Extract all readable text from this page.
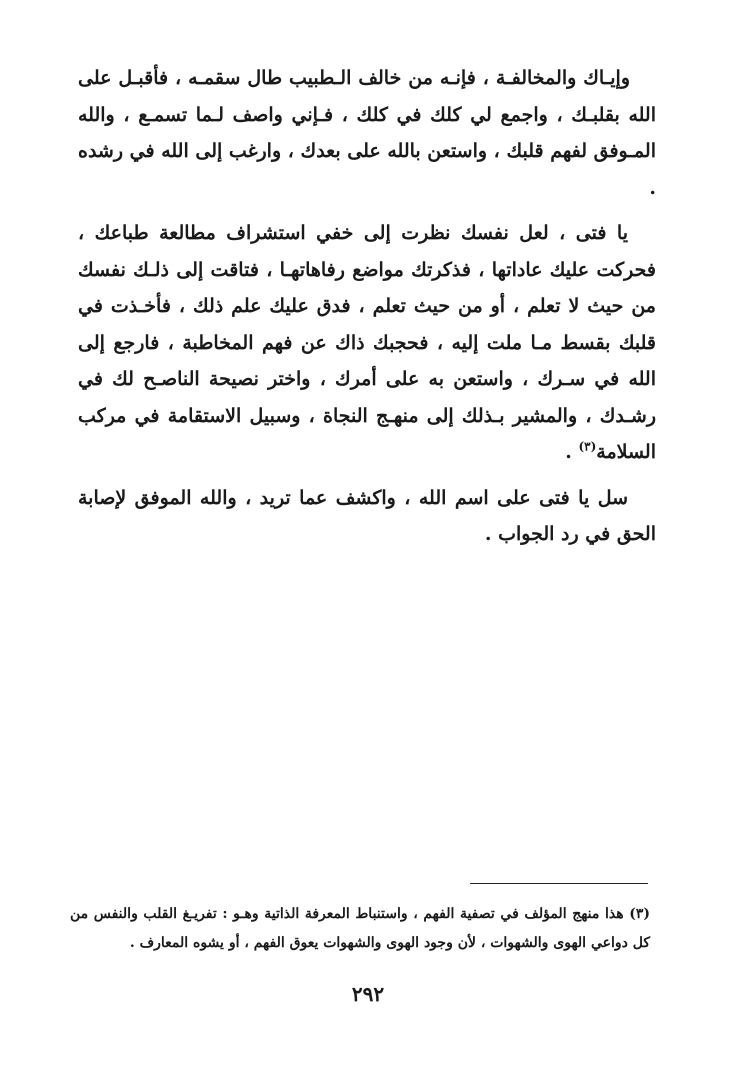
وإيـاك والمخالفـة ، فإنـه من خالف الـطبيب طال سقمـه ، فأقبـل على الله بقلبـك ، واجمع لي كلك في كلك ، فـإني واصف لـما تسمـع ، والله المـوفق لفهم قلبك ، واستعن بالله على بعدك ، وارغب إلى الله في رشده .

يا فتى ، لعل نفسك نظرت إلى خفي استشراف مطالعة طباعك ، فحركت عليك عاداتها ، فذكرتك مواضع رفاهاتهـا ، فتاقت إلى ذلـك نفسك من حيث لا تعلم ، أو من حيث تعلم ، فدق عليك علم ذلك ، فأخـذت في قلبك بقسط مـا ملت إليه ، فحجبك ذاك عن فهم المخاطبة ، فارجع إلى الله في سـرك ، واستعن به على أمرك ، واختر نصيحة الناصـح لك في رشـدك ، والمشير بـذلك إلى منهـج النجاة ، وسبيل الاستقامة في مركب السلامة$^{(٣)}$ .

سل يا فتى على اسم الله ، واكشف عما تريد ، والله الموفق لإصابة الحق في رد الجواب .

(٣) هذا منهج المؤلف في تصفية الفهم ، واستنباط المعرفة الذاتية وهـو : تفريـغ القلب والنفس من كل دواعي الهوى والشهوات ، لأن وجود الهوى والشهوات يعوق الفهم ، أو يشوه المعارف .

٢٩٢
